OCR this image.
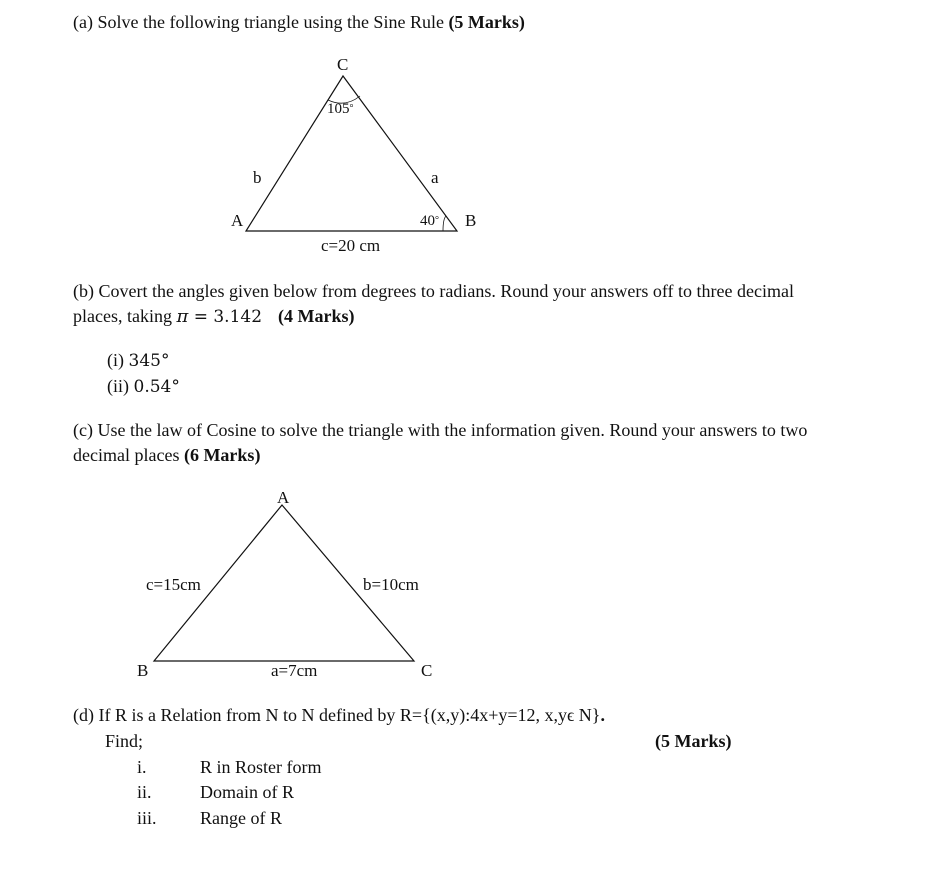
(a) Solve the following triangle using the Sine Rule (5 Marks)
C
105°
b	a
A	40° B
c=20 cm
(b) Covert the angles given below from degrees to radians. Round your answers off to three decimal
places, taking π = 3.142 (4 Marks)
(i) 345°
(ii) 0.54°
(c) Use the law of Cosine to solve the triangle with the information given. Round your answers to two
decimal places (6 Marks)
A
c=15cm	b=10cm
B	a=7cm	C
(d) If R is a Relation from N to N defined by R={(x,y):4x+y=12, x,yϵ N}.
Find;	(5 Marks)
i.	R in Roster form
ii.	Domain of R
iii. Range of R
